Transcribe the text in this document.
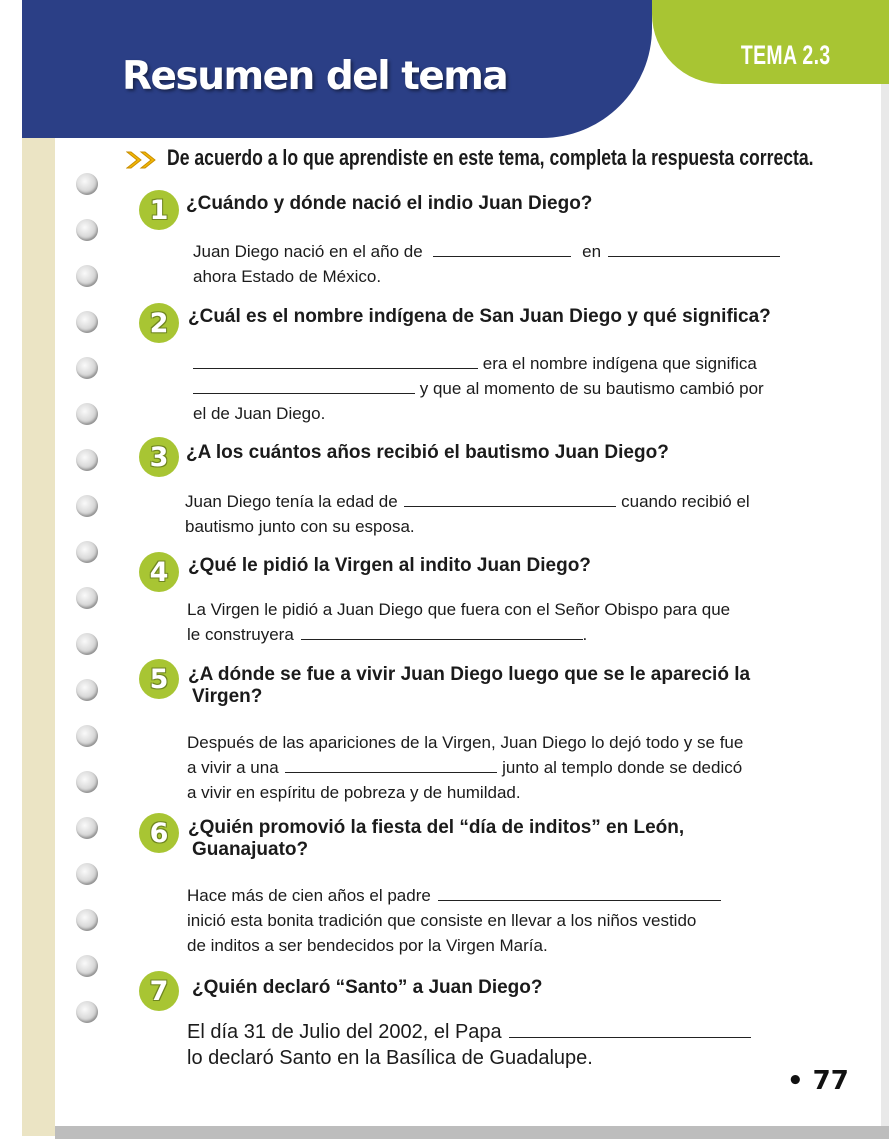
Resumen del tema	TEMA 2.3
De acuerdo a lo que aprendiste en este tema, completa la respuesta correcta.
1 ¿Cuándo y dónde nació el indio Juan Diego?
Juan Diego nació en el año de	en
ahora Estado de México.
2 ¿Cuál es el nombre indígena de San Juan Diego y qué significa?
era el nombre indígena que significa
y que al momento de su bautismo cambió por
el de Juan Diego.
3 ¿A los cuántos años recibió el bautismo Juan Diego?
Juan Diego tenía la edad de	cuando recibió el
bautismo junto con su esposa.
4 ¿Qué le pidió la Virgen al indito Juan Diego?
La Virgen le pidió a Juan Diego que fuera con el Señor Obispo para que
le construyera	.
5 ¿A dónde se fue a vivir Juan Diego luego que se le apareció la
Virgen?
Después de las apariciones de la Virgen, Juan Diego lo dejó todo y se fue
a vivir a una	junto al templo donde se dedicó
a vivir en espíritu de pobreza y de humildad.
6 ¿Quién promovió la fiesta del “día de inditos” en León,
Guanajuato?
Hace más de cien años el padre
inició esta bonita tradición que consiste en llevar a los niños vestido
de inditos a ser bendecidos por la Virgen María.
7 ¿Quién declaró “Santo” a Juan Diego?
El día 31 de Julio del 2002, el Papa
lo declaró Santo en la Basílica de Guadalupe.
• 77
